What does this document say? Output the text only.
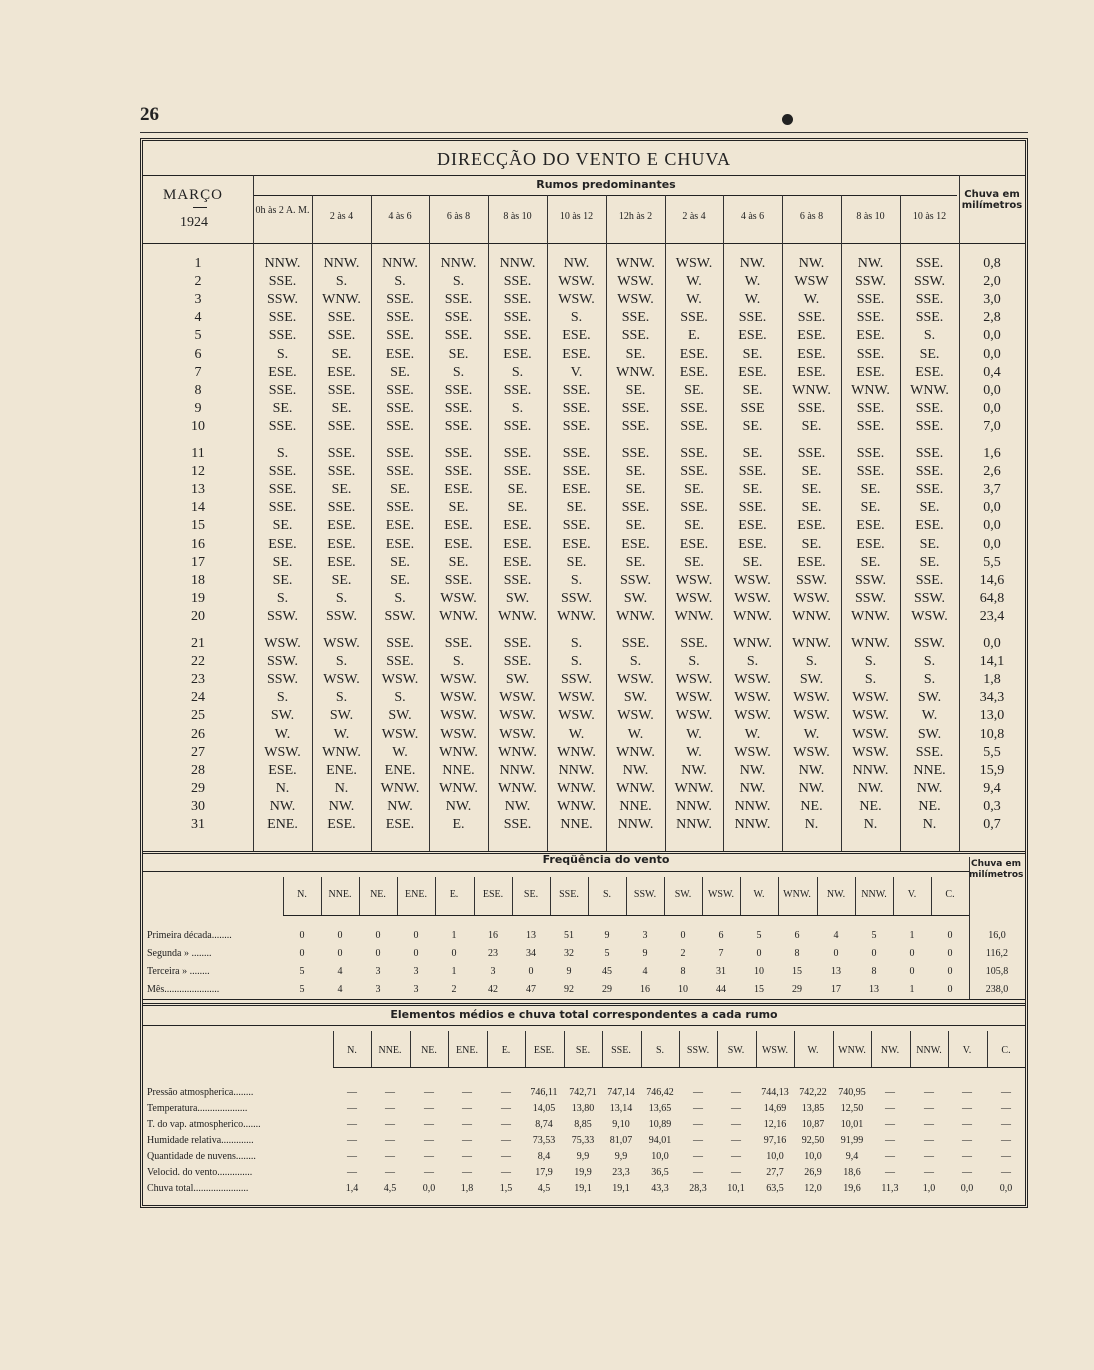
26
DIRECÇÃO DO VENTO E CHUVA
MARÇO
1924
Rumos predominantes
Chuva em milímetros
0h às 2 A. M.
2 às 4	4 às 6	6 às 8	8 às 10	10 às 12	12h às 2	2 às 4	4 às 6	6 às 8	8 às 10	10 às 12
1	NNW.	NNW.	NNW.	NNW.	NNW.	NW.	WNW.	WSW.	NW.	NW.	NW.	SSE.	0,8
2	SSE.	S.	S.	S.	SSE.	WSW.	WSW.	W.	W.	WSW	SSW.	SSW.	2,0
3	SSW.	WNW.	SSE.	SSE.	SSE.	WSW.	WSW.	W.	W.	W.	SSE.	SSE.	3,0
4	SSE.	SSE.	SSE.	SSE.	SSE.	S.	SSE.	SSE.	SSE.	SSE.	SSE.	SSE.	2,8
5	SSE.	SSE.	SSE.	SSE.	SSE.	ESE.	SSE.	E.	ESE.	ESE.	ESE.	S.	0,0
6	S.	SE.	ESE.	SE.	ESE.	ESE.	SE.	ESE.	SE.	ESE.	SSE.	SE.	0,0
7	ESE.	ESE.	SE.	S.	S.	V.	WNW.	ESE.	ESE.	ESE.	ESE.	ESE.	0,4
8	SSE.	SSE.	SSE.	SSE.	SSE.	SSE.	SE.	SE.	SE.	WNW.	WNW.	WNW.	0,0
9	SE.	SE.	SSE.	SSE.	S.	SSE.	SSE.	SSE.	SSE	SSE.	SSE.	SSE.	0,0
10	SSE.	SSE.	SSE.	SSE.	SSE.	SSE.	SSE.	SSE.	SE.	SE.	SSE.	SSE.	7,0
11	S.	SSE.	SSE.	SSE.	SSE.	SSE.	SSE.	SSE.	SE.	SSE.	SSE.	SSE.	1,6
12	SSE.	SSE.	SSE.	SSE.	SSE.	SSE.	SE.	SSE.	SSE.	SE.	SSE.	SSE.	2,6
13	SSE.	SE.	SE.	ESE.	SE.	ESE.	SE.	SE.	SE.	SE.	SE.	SSE.	3,7
14	SSE.	SSE.	SSE.	SE.	SE.	SE.	SSE.	SSE.	SSE.	SE.	SE.	SE.	0,0
15	SE.	ESE.	ESE.	ESE.	ESE.	SSE.	SE.	SE.	ESE.	ESE.	ESE.	ESE.	0,0
16	ESE.	ESE.	ESE.	ESE.	ESE.	ESE.	ESE.	ESE.	ESE.	SE.	ESE.	SE.	0,0
17	SE.	ESE.	SE.	SE.	ESE.	SE.	SE.	SE.	SE.	ESE.	SE.	SE.	5,5
18	SE.	SE.	SE.	SSE.	SSE.	S.	SSW.	WSW.	WSW.	SSW.	SSW.	SSE.	14,6
19	S.	S.	S.	WSW.	SW.	SSW.	SW.	WSW.	WSW.	WSW.	SSW.	SSW.	64,8
20	SSW.	SSW.	SSW.	WNW.	WNW.	WNW.	WNW.	WNW.	WNW.	WNW.	WNW.	WSW.	23,4
21	WSW.	WSW.	SSE.	SSE.	SSE.	S.	SSE.	SSE.	WNW.	WNW.	WNW.	SSW.	0,0
22	SSW.	S.	SSE.	S.	SSE.	S.	S.	S.	S.	S.	S.	S.	14,1
23	SSW.	WSW.	WSW.	WSW.	SW.	SSW.	WSW.	WSW.	WSW.	SW.	S.	S.	1,8
24	S.	S.	S.	WSW.	WSW.	WSW.	SW.	WSW.	WSW.	WSW.	WSW.	SW.	34,3
25	SW.	SW.	SW.	WSW.	WSW.	WSW.	WSW.	WSW.	WSW.	WSW.	WSW.	W.	13,0
26	W.	W.	WSW.	WSW.	WSW.	W.	W.	W.	W.	W.	WSW.	SW.	10,8
27	WSW.	WNW.	W.	WNW.	WNW.	WNW.	WNW.	W.	WSW.	WSW.	WSW.	SSE.	5,5
28	ESE.	ENE.	ENE.	NNE.	NNW.	NNW.	NW.	NW.	NW.	NW.	NNW.	NNE.	15,9
29	N.	N.	WNW.	WNW.	WNW.	WNW.	WNW.	WNW.	NW.	NW.	NW.	NW.	9,4
30	NW.	NW.	NW.	NW.	NW.	WNW.	NNE.	NNW.	NNW.	NE.	NE.	NE.	0,3
31	ENE.	ESE.	ESE.	E.	SSE.	NNE.	NNW.	NNW.	NNW.	N.	N.	N.	0,7
Freqüência do vento	Chuva em milímetros
N.	NNE.	NE.	ENE.	E.	ESE.	SE.	SSE.	S.	SSW.	SW.	WSW.	W.	WNW.	NW.	NNW.	V.	C.
Primeira década........	0	0	0	0	1	16	13	51	9	3	0	6	5	6	4	5	1	0	16,0
Segunda » ........	0	0	0	0	0	23	34	32	5	9	2	7	0	8	0	0	0	0	116,2
Terceira » ........	5	4	3	3	1	3	0	9	45	4	8	31	10	15	13	8	0	0	105,8
Mês......................	5	4	3	3	2	42	47	92	29	16	10	44	15	29	17	13	1	0	238,0
Elementos médios e chuva total correspondentes a cada rumo
N.	NNE.	NE.	ENE.	E.	ESE.	SE.	SSE.	S.	SSW.	SW.	WSW.	W.	WNW.	NW.	NNW.	V.	C.
Pressão atmospherica........	—	—	—	—	—	746,11	742,71	747,14	746,42	—	—	744,13	742,22	740,95	—	—	—	—
Temperatura....................	—	—	—	—	—	14,05	13,80	13,14	13,65	—	—	14,69	13,85	12,50	—	—	—	—
T. do vap. atmospherico.......	—	—	—	—	—	8,74	8,85	9,10	10,89	—	—	12,16	10,87	10,01	—	—	—	—
Humidade relativa.............	—	—	—	—	—	73,53	75,33	81,07	94,01	—	—	97,16	92,50	91,99	—	—	—	—
Quantidade de nuvens........	—	—	—	—	—	8,4	9,9	9,9	10,0	—	—	10,0	10,0	9,4	—	—	—	—
Velocid. do vento..............	—	—	—	—	—	17,9	19,9	23,3	36,5	—	—	27,7	26,9	18,6	—	—	—	—
Chuva total......................	1,4	4,5	0,0	1,8	1,5	4,5	19,1	19,1	43,3	28,3	10,1	63,5	12,0	19,6	11,3	1,0	0,0	0,0
